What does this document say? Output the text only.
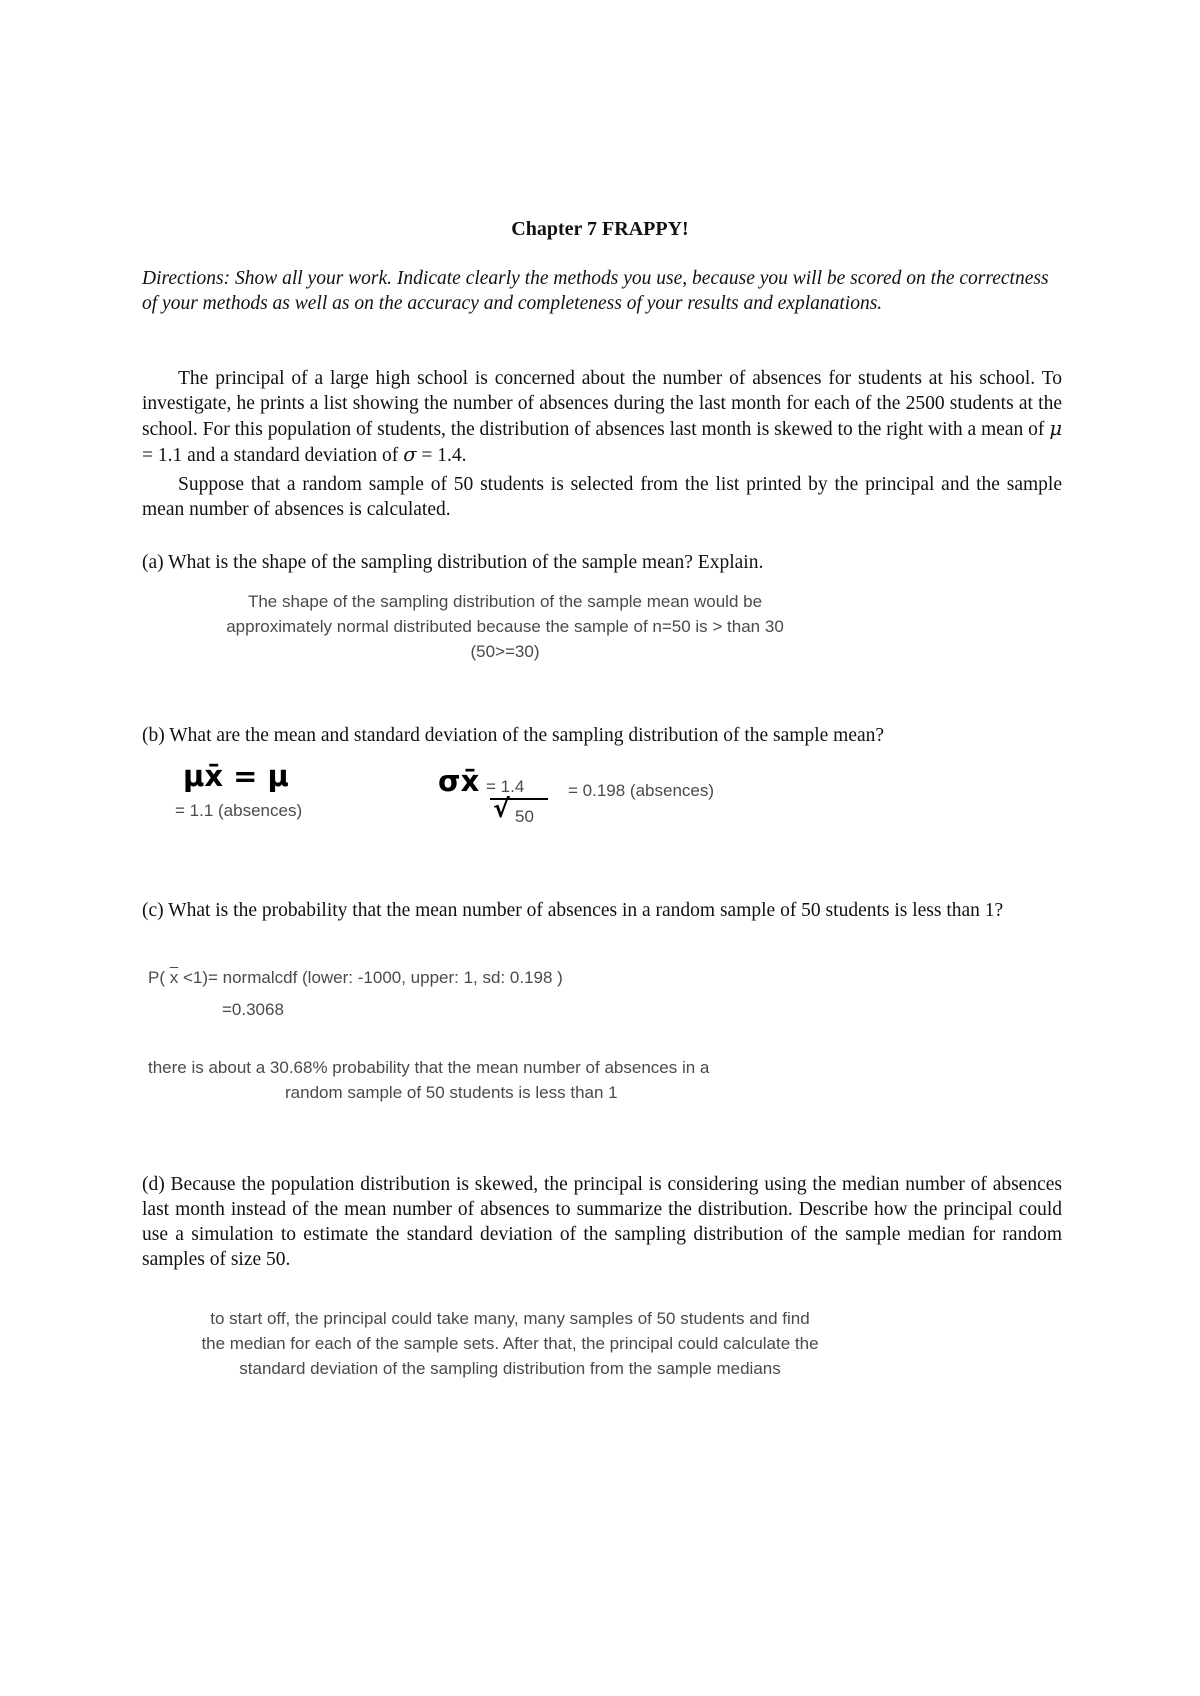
Chapter 7 FRAPPY!

Directions: Show all your work. Indicate clearly the methods you use, because you will be scored on the correctness of your methods as well as on the accuracy and completeness of your results and explanations.

The principal of a large high school is concerned about the number of absences for students at his school. To investigate, he prints a list showing the number of absences during the last month for each of the 2500 students at the school. For this population of students, the distribution of absences last month is skewed to the right with a mean of μ = 1.1 and a standard deviation of σ = 1.4.

Suppose that a random sample of 50 students is selected from the list printed by the principal and the sample mean number of absences is calculated.

(a) What is the shape of the sampling distribution of the sample mean? Explain.

The shape of the sampling distribution of the sample mean would be

approximately normal distributed because the sample of n=50 is > than 30

(50>=30)

(b) What are the mean and standard deviation of the sampling distribution of the sample mean?

μx̄ = μ

= 1.1 (absences)

σx̄ = 1.4

√ 50

= 0.198 (absences)

(c) What is the probability that the mean number of absences in a random sample of 50 students is less than 1?

P( $\overline{x} <1)=$ normalcdf (lower: -1000, upper: 1, sd: 0.198 )

=0.3068

there is about a 30.68% probability that the mean number of absences in a

random sample of 50 students is less than 1

(d) Because the population distribution is skewed, the principal is considering using the median number of absences last month instead of the mean number of absences to summarize the distribution. Describe how the principal could use a simulation to estimate the standard deviation of the sampling distribution of the sample median for random samples of size 50.

to start off, the principal could take many, many samples of 50 students and find

the median for each of the sample sets. After that, the principal could calculate the

standard deviation of the sampling distribution from the sample medians
